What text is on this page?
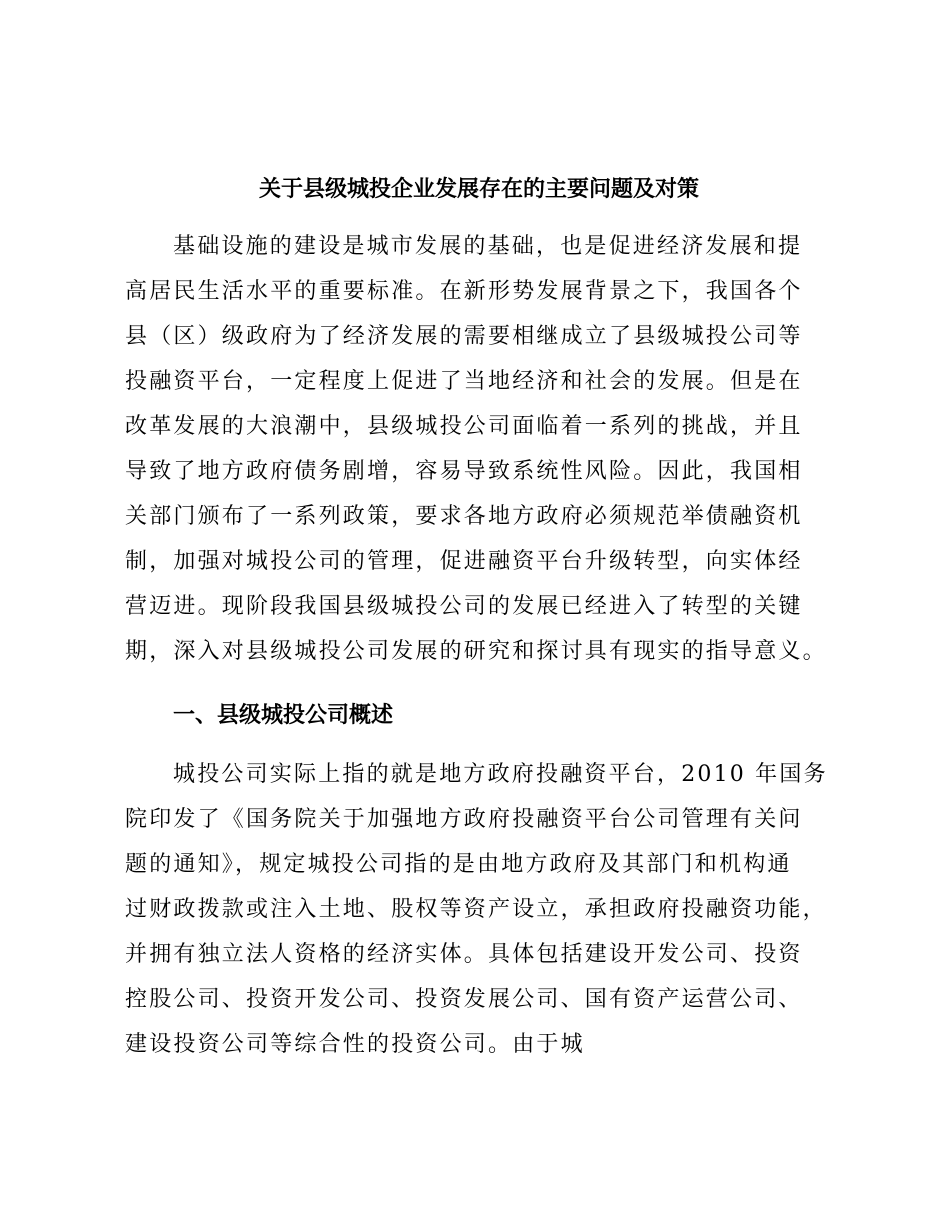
关于县级城投企业发展存在的主要问题及对策
基础设施的建设是城市发展的基础，也是促进经济发展和提
高居民生活水平的重要标准。在新形势发展背景之下，我国各个
县（区）级政府为了经济发展的需要相继成立了县级城投公司等
投融资平台，一定程度上促进了当地经济和社会的发展。但是在
改革发展的大浪潮中，县级城投公司面临着一系列的挑战，并且
导致了地方政府债务剧增，容易导致系统性风险。因此，我国相
关部门颁布了一系列政策，要求各地方政府必须规范举债融资机
制，加强对城投公司的管理，促进融资平台升级转型，向实体经
营迈进。现阶段我国县级城投公司的发展已经进入了转型的关键
期，深入对县级城投公司发展的研究和探讨具有现实的指导意义。
一、县级城投公司概述
城投公司实际上指的就是地方政府投融资平台，2010 年国务
院印发了《国务院关于加强地方政府投融资平台公司管理有关问
题的通知》，规定城投公司指的是由地方政府及其部门和机构通
过财政拨款或注入土地、股权等资产设立，承担政府投融资功能，
并拥有独立法人资格的经济实体。具体包括建设开发公司、投资
控股公司、投资开发公司、投资发展公司、国有资产运营公司、
建设投资公司等综合性的投资公司。由于城
